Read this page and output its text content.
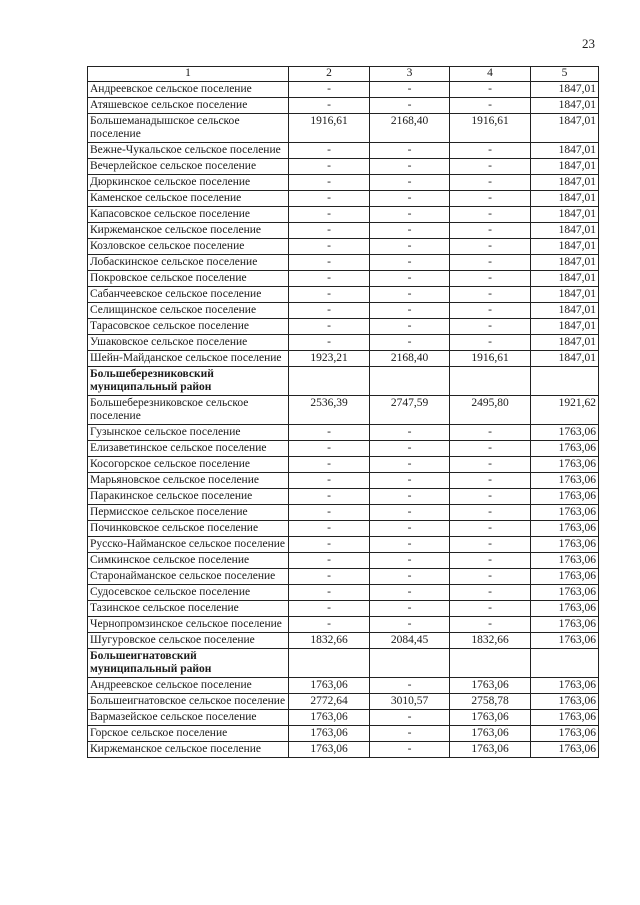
23
1	2	3	4	5
Андреевское сельское поселение	-	-	-	1847,01
Атяшевское сельское поселение	-	-	-	1847,01
Большеманадышское сельское поселение	1916,61	2168,40	1916,61	1847,01
Вежне-Чукальское сельское поселение	-	-	-	1847,01
Вечерлейское сельское поселение	-	-	-	1847,01
Дюркинское сельское поселение	-	-	-	1847,01
Каменское сельское поселение	-	-	-	1847,01
Капасовское сельское поселение	-	-	-	1847,01
Киржеманское сельское поселение	-	-	-	1847,01
Козловское сельское поселение	-	-	-	1847,01
Лобаскинское сельское поселение	-	-	-	1847,01
Покровское сельское поселение	-	-	-	1847,01
Сабанчеевское сельское поселение	-	-	-	1847,01
Селищинское сельское поселение	-	-	-	1847,01
Тарасовское сельское поселение	-	-	-	1847,01
Ушаковское сельское поселение	-	-	-	1847,01
Шейн-Майданское сельское поселение	1923,21	2168,40	1916,61	1847,01
Большеберезниковский муниципальный район				
Большеберезниковское сельское поселение	2536,39	2747,59	2495,80	1921,62
Гузынское сельское поселение	-	-	-	1763,06
Елизаветинское сельское поселение	-	-	-	1763,06
Косогорское сельское поселение	-	-	-	1763,06
Марьяновское сельское поселение	-	-	-	1763,06
Паракинское сельское поселение	-	-	-	1763,06
Пермисское сельское поселение	-	-	-	1763,06
Починковское сельское поселение	-	-	-	1763,06
Русско-Найманское сельское поселение	-	-	-	1763,06
Симкинское сельское поселение	-	-	-	1763,06
Старонайманское сельское поселение	-	-	-	1763,06
Судосевское сельское поселение	-	-	-	1763,06
Тазинское сельское поселение	-	-	-	1763,06
Чернопромзинское сельское поселение	-	-	-	1763,06
Шугуровское сельское поселение	1832,66	2084,45	1832,66	1763,06
Большеигнатовский муниципальный район				
Андреевское сельское поселение	1763,06	-	1763,06	1763,06
Большеигнатовское сельское поселение	2772,64	3010,57	2758,78	1763,06
Вармазейское сельское поселение	1763,06	-	1763,06	1763,06
Горское сельское поселение	1763,06	-	1763,06	1763,06
Киржеманское сельское поселение	1763,06	-	1763,06	1763,06
